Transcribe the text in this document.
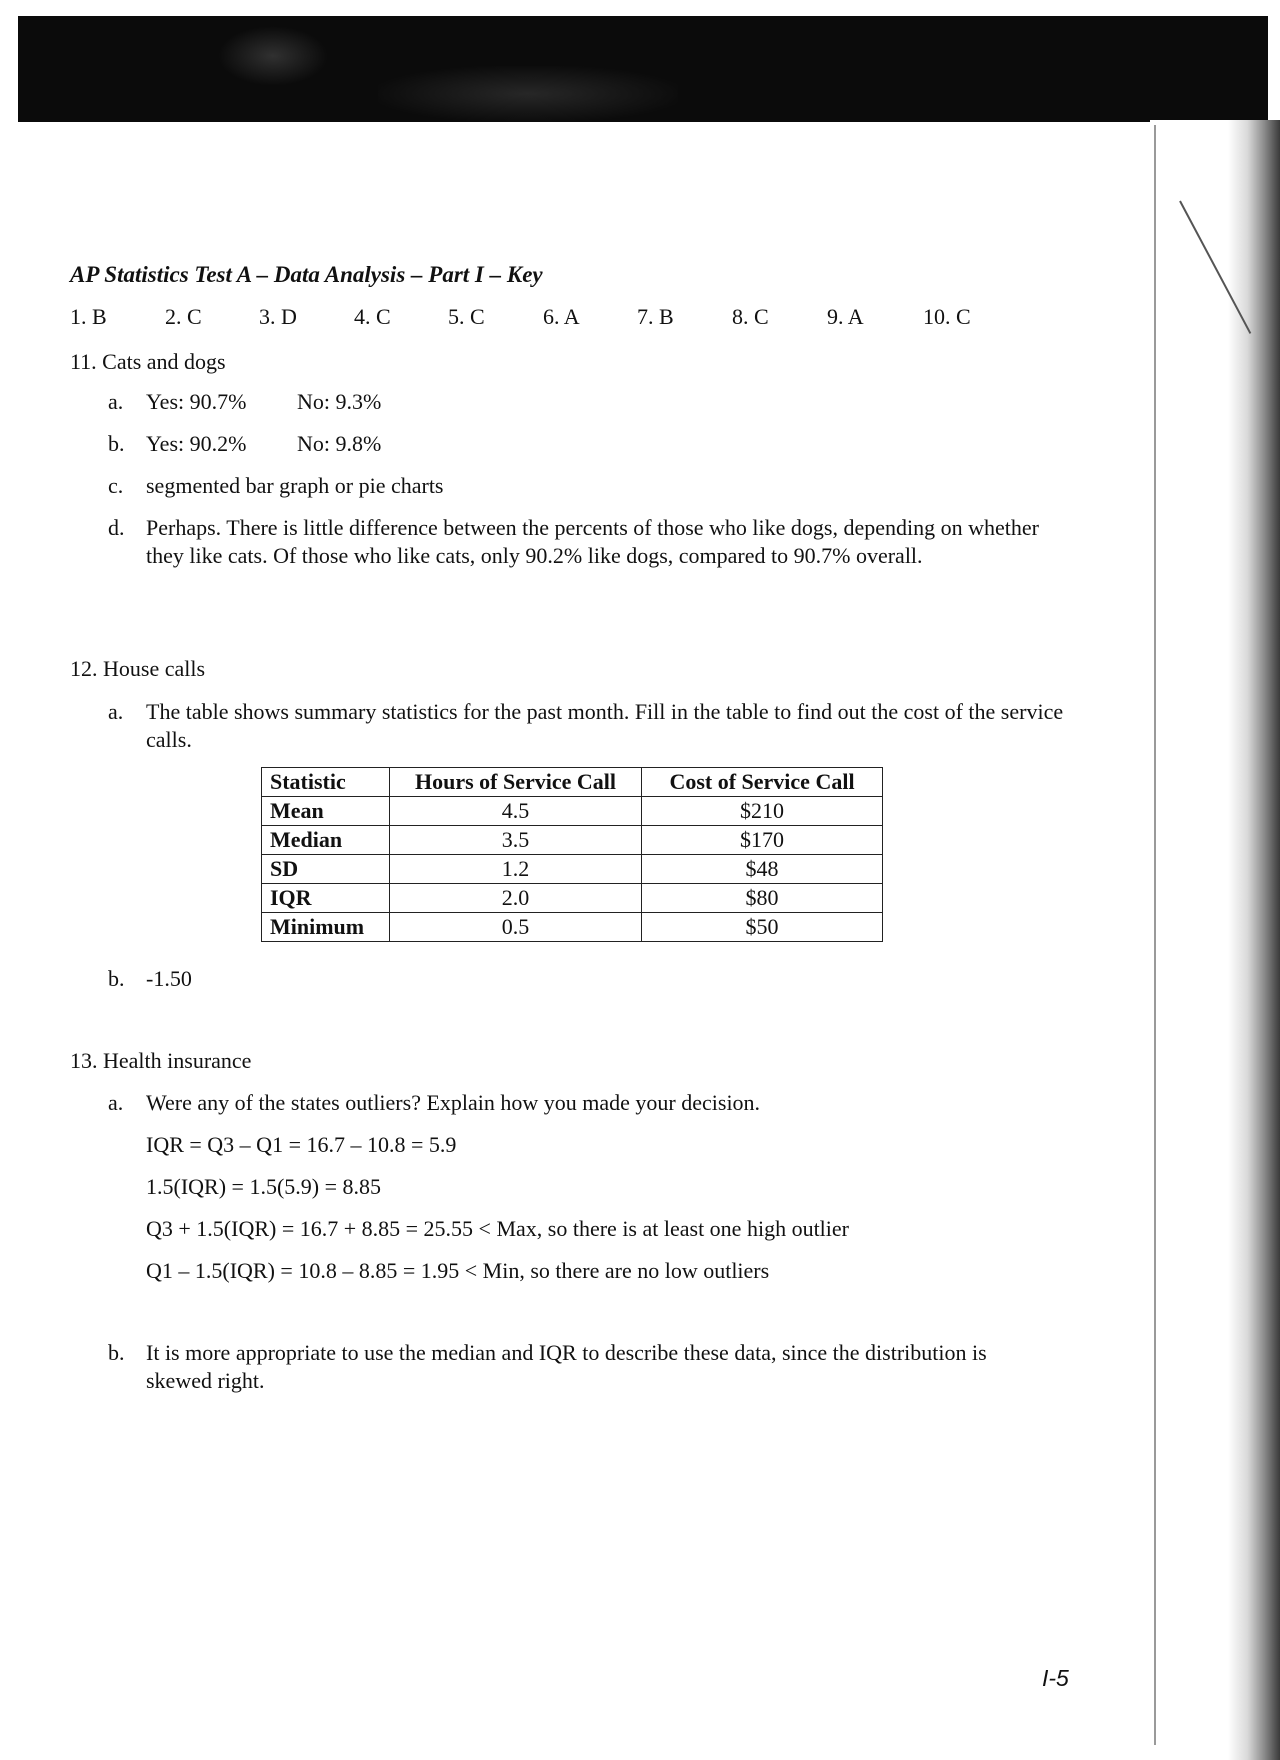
AP Statistics Test A – Data Analysis – Part I – Key
1. B	2. C	3. D	4. C	5. C	6. A	7. B	8. C	9. A	10. C
11. Cats and dogs
a. Yes: 90.7% No: 9.3%
b. Yes: 90.2% No: 9.8%
c. segmented bar graph or pie charts
d. Perhaps. There is little difference between the percents of those who like dogs, depending on whether they like cats. Of those who like cats, only 90.2% like dogs, compared to 90.7% overall.
12. House calls
a. The table shows summary statistics for the past month. Fill in the table to find out the cost of the service calls.
Statistic	Hours of Service Call	Cost of Service Call
Mean	4.5	$210
Median	3.5	$170
SD	1.2	$48
IQR	2.0	$80
Minimum	0.5	$50
b. -1.50
13. Health insurance
a. Were any of the states outliers? Explain how you made your decision.
IQR = Q3 – Q1 = 16.7 – 10.8 = 5.9
1.5(IQR) = 1.5(5.9) = 8.85
Q3 + 1.5(IQR) = 16.7 + 8.85 = 25.55 < Max, so there is at least one high outlier
Q1 – 1.5(IQR) = 10.8 – 8.85 = 1.95 < Min, so there are no low outliers
b. It is more appropriate to use the median and IQR to describe these data, since the distribution is skewed right.
I-5
